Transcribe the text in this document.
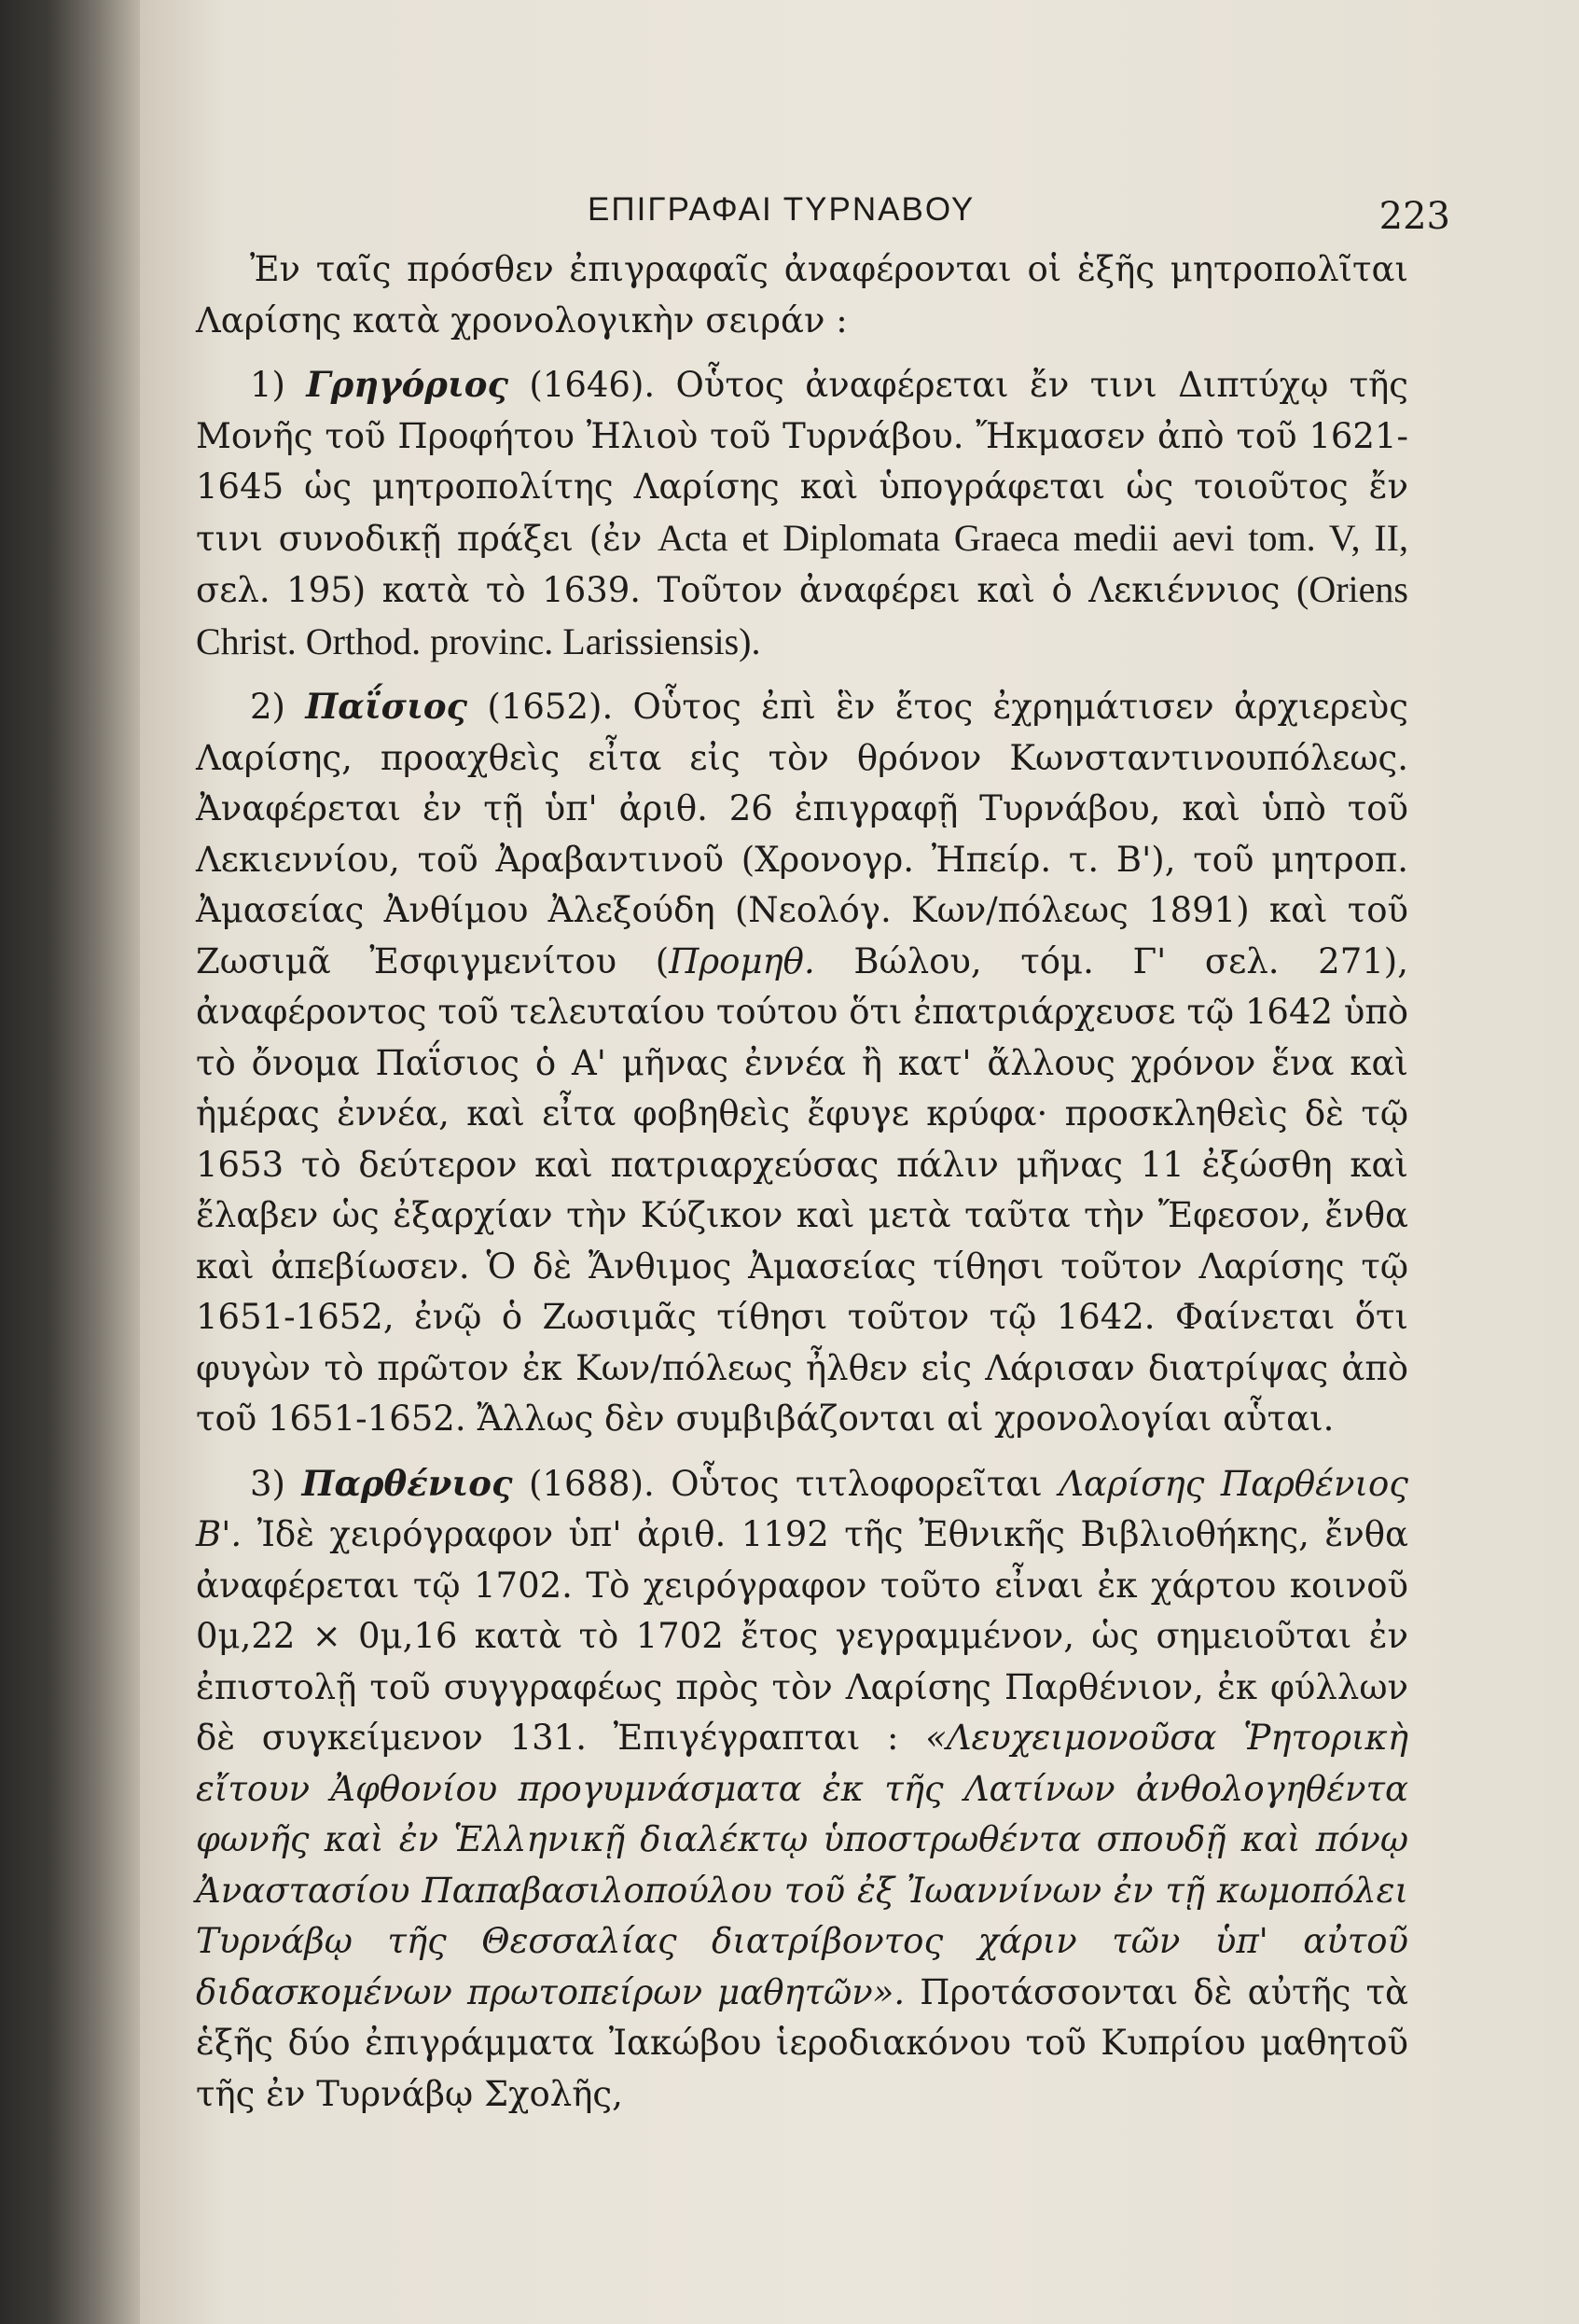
ΕΠΙΓΡΑΦΑΙ ΤΥΡΝΑΒΟΥ	223

Ἐν ταῖς πρόσθεν ἐπιγραφαῖς ἀναφέρονται οἱ ἑξῆς μητροπολῖται Λαρίσης κατὰ χρονολογικὴν σειράν :

1) Γρηγόριος (1646). Οὗτος ἀναφέρεται ἔν τινι Διπτύχῳ τῆς Μονῆς τοῦ Προφήτου Ἠλιοὺ τοῦ Τυρνάβου. Ἤκμασεν ἀπὸ τοῦ 1621-1645 ὡς μητροπολίτης Λαρίσης καὶ ὑπογράφεται ὡς τοιοῦτος ἔν τινι συνοδικῇ πράξει (ἐν Acta et Diplomata Graeca medii aevi tom. V, II, σελ. 195) κατὰ τὸ 1639. Τοῦτον ἀναφέρει καὶ ὁ Λεκιέννιος (Oriens Christ. Orthod. provinc. Larissiensis).

2) Παΐσιος (1652). Οὗτος ἐπὶ ἓν ἔτος ἐχρημάτισεν ἀρχιερεὺς Λαρίσης, προαχθεὶς εἶτα εἰς τὸν θρόνον Κωνσταντινουπόλεως. Ἀναφέρεται ἐν τῇ ὑπ' ἀριθ. 26 ἐπιγραφῇ Τυρνάβου, καὶ ὑπὸ τοῦ Λεκιεννίου, τοῦ Ἀραβαντινοῦ (Χρονογρ. Ἠπείρ. τ. Β'), τοῦ μητροπ. Ἀμασείας Ἀνθίμου Ἀλεξούδη (Νεολόγ. Κων/πόλεως 1891) καὶ τοῦ Ζωσιμᾶ Ἐσφιγμενίτου (Προμηθ. Βώλου, τόμ. Γ' σελ. 271), ἀναφέροντος τοῦ τελευταίου τούτου ὅτι ἐπατριάρχευσε τῷ 1642 ὑπὸ τὸ ὄνομα Παΐσιος ὁ Α' μῆνας ἐννέα ἢ κατ' ἄλλους χρόνον ἕνα καὶ ἡμέρας ἐννέα, καὶ εἶτα φοβηθεὶς ἔφυγε κρύφα· προσκληθεὶς δὲ τῷ 1653 τὸ δεύτερον καὶ πατριαρχεύσας πάλιν μῆνας 11 ἐξώσθη καὶ ἔλαβεν ὡς ἐξαρχίαν τὴν Κύζικον καὶ μετὰ ταῦτα τὴν Ἔφεσον, ἔνθα καὶ ἀπεβίωσεν. Ὁ δὲ Ἄνθιμος Ἀμασείας τίθησι τοῦτον Λαρίσης τῷ 1651-1652, ἐνῷ ὁ Ζωσιμᾶς τίθησι τοῦτον τῷ 1642. Φαίνεται ὅτι φυγὼν τὸ πρῶτον ἐκ Κων/πόλεως ἦλθεν εἰς Λάρισαν διατρίψας ἀπὸ τοῦ 1651-1652. Ἄλλως δὲν συμβιβάζονται αἱ χρονολογίαι αὗται.

3) Παρθένιος (1688). Οὗτος τιτλοφορεῖται Λαρίσης Παρθένιος Β'. Ἰδὲ χειρόγραφον ὑπ' ἀριθ. 1192 τῆς Ἐθνικῆς Βιβλιοθήκης, ἔνθα ἀναφέρεται τῷ 1702. Τὸ χειρόγραφον τοῦτο εἶναι ἐκ χάρτου κοινοῦ 0μ,22 × 0μ,16 κατὰ τὸ 1702 ἔτος γεγραμμένον, ὡς σημειοῦται ἐν ἐπιστολῇ τοῦ συγγραφέως πρὸς τὸν Λαρίσης Παρθένιον, ἐκ φύλλων δὲ συγκείμενον 131. Ἐπιγέγραπται : «Λευχειμονοῦσα Ῥητορικὴ εἴτουν Ἀφθονίου προγυμνάσματα ἐκ τῆς Λατίνων ἀνθολογηθέντα φωνῆς καὶ ἐν Ἑλληνικῇ διαλέκτῳ ὑποστρωθέντα σπουδῇ καὶ πόνῳ Ἀναστασίου Παπαβασιλοπούλου τοῦ ἐξ Ἰωαννίνων ἐν τῇ κωμοπόλει Τυρνάβῳ τῆς Θεσσαλίας διατρίβοντος χάριν τῶν ὑπ' αὐτοῦ διδασκομένων πρωτοπείρων μαθητῶν». Προτάσσονται δὲ αὐτῆς τὰ ἑξῆς δύο ἐπιγράμματα Ἰακώβου ἱεροδιακόνου τοῦ Κυπρίου μαθητοῦ τῆς ἐν Τυρνάβῳ Σχολῆς,
